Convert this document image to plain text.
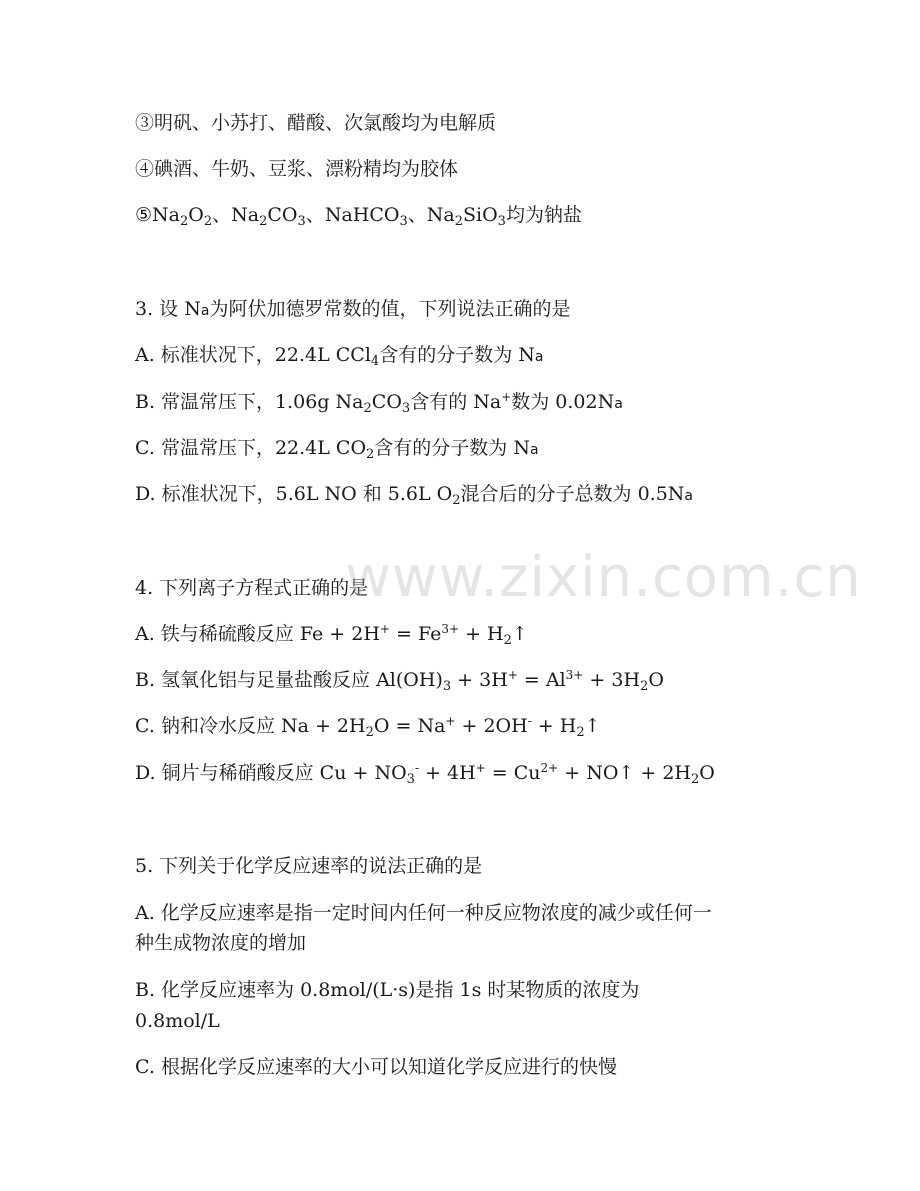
③明矾、小苏打、醋酸、次氯酸均为电解质
④碘酒、牛奶、豆浆、漂粉精均为胶体
$⑤Na_2O_2$、$Na_2CO_3$、NaHCO$_3$、$Na_2SiO_3$均为钠盐
3. 设 Na为阿伏加德罗常数的值，下列说法正确的是
A. 标准状况下，22.4L CCl$_4$含有的分子数为 Na
B. 常温常压下，1.06g $Na_2CO_3$含有的 Na+数为 0.02Na
C. 常温常压下，22.4L $CO_2$含有的分子数为 Na
D. 标准状况下，5.6L NO 和 5.6L $O_2$混合后的分子总数为 0.5Na
4. 下列离子方程式正确的是
A. 铁与稀硫酸反应 $Fe + 2H^+ = Fe^{3+}$ + $H_2↑$
B. 氢氧化铝与足量盐酸反应 $Al(OH)_3 + 3H^+ = Al^{3+} + 3H_2O$
C. 钠和冷水反应 $Na + 2H_2O = Na^+ + 2OH^-$ + $H_2↑$
D. 铜片与稀硝酸反应 $Cu + NO_3^- + 4H^+ = Cu^{2+}$ + NO↑ + $2H_2O$
5. 下列关于化学反应速率的说法正确的是
A. 化学反应速率是指一定时间内任何一种反应物浓度的减少或任何一
种生成物浓度的增加
B. 化学反应速率为 0.8mol/(L·s)是指 1s 时某物质的浓度为
0.8mol/L
C. 根据化学反应速率的大小可以知道化学反应进行的快慢
www.zixin.com.cn
